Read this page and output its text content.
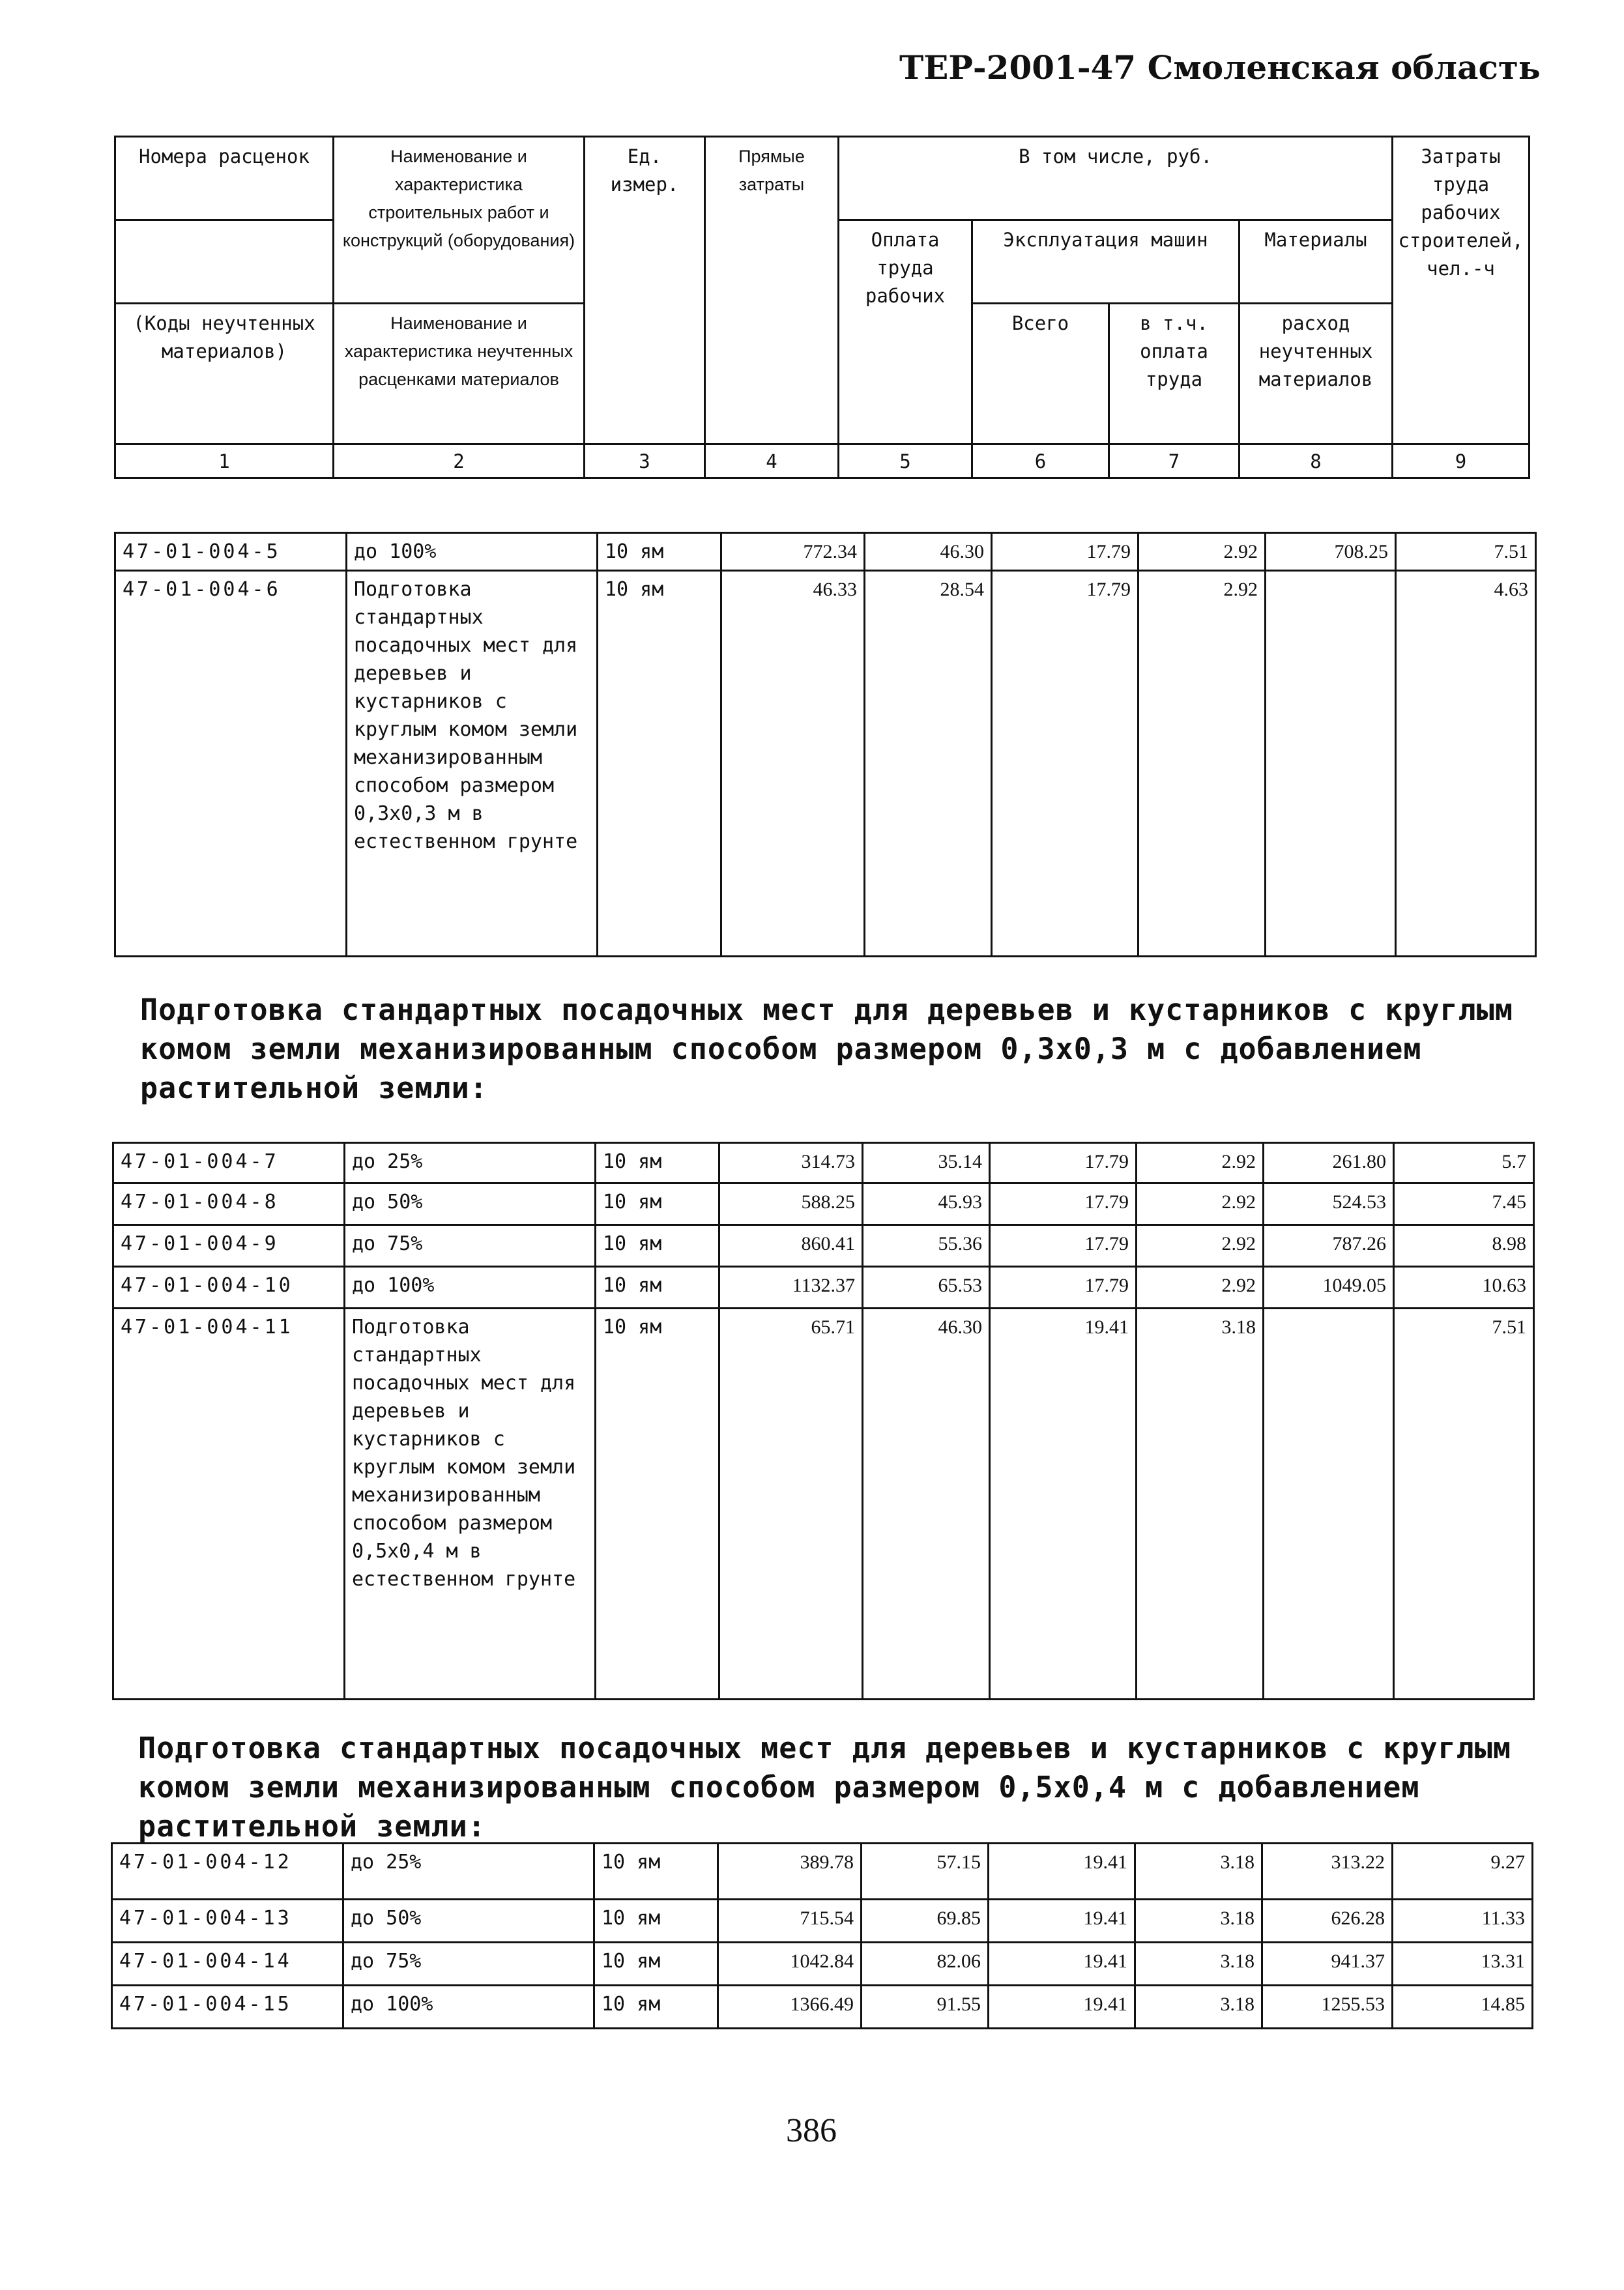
ТЕР-2001-47 Смоленская область
Номера расценок	Наименование и характеристика строительных работ и конструкций (оборудования)	Ед. измер.	Прямые затраты	В том числе, руб.				Затраты труда рабочих строителей, чел.-ч
				Оплата труда рабочих	Эксплуатация машин		Материалы	
(Коды неучтенных материалов)	Наименование и характеристика неучтенных расценками материалов				Всего	в т.ч. оплата труда	расход неучтенных материалов	
1	2	3	4	5	6	7	8	9
47-01-004-5	до 100%	10 ям	772.34	46.30	17.79	2.92	708.25	7.51
47-01-004-6	Подготовка стандартных посадочных мест для деревьев и кустарников с круглым комом земли механизированным способом размером 0,3х0,3 м в естественном грунте	10 ям	46.33	28.54	17.79	2.92		4.63
Подготовка стандартных посадочных мест для деревьев и кустарников с круглым комом земли механизированным способом размером 0,3х0,3 м с добавлением растительной земли:
47-01-004-7	до 25%	10 ям	314.73	35.14	17.79	2.92	261.80	5.7
47-01-004-8	до 50%	10 ям	588.25	45.93	17.79	2.92	524.53	7.45
47-01-004-9	до 75%	10 ям	860.41	55.36	17.79	2.92	787.26	8.98
47-01-004-10	до 100%	10 ям	1132.37	65.53	17.79	2.92	1049.05	10.63
47-01-004-11	Подготовка стандартных посадочных мест для деревьев и кустарников с круглым комом земли механизированным способом размером 0,5х0,4 м в естественном грунте	10 ям	65.71	46.30	19.41	3.18		7.51
Подготовка стандартных посадочных мест для деревьев и кустарников с круглым комом земли механизированным способом размером 0,5х0,4 м с добавлением растительной земли:
47-01-004-12	до 25%	10 ям	389.78	57.15	19.41	3.18	313.22	9.27
47-01-004-13	до 50%	10 ям	715.54	69.85	19.41	3.18	626.28	11.33
47-01-004-14	до 75%	10 ям	1042.84	82.06	19.41	3.18	941.37	13.31
47-01-004-15	до 100%	10 ям	1366.49	91.55	19.41	3.18	1255.53	14.85
386
